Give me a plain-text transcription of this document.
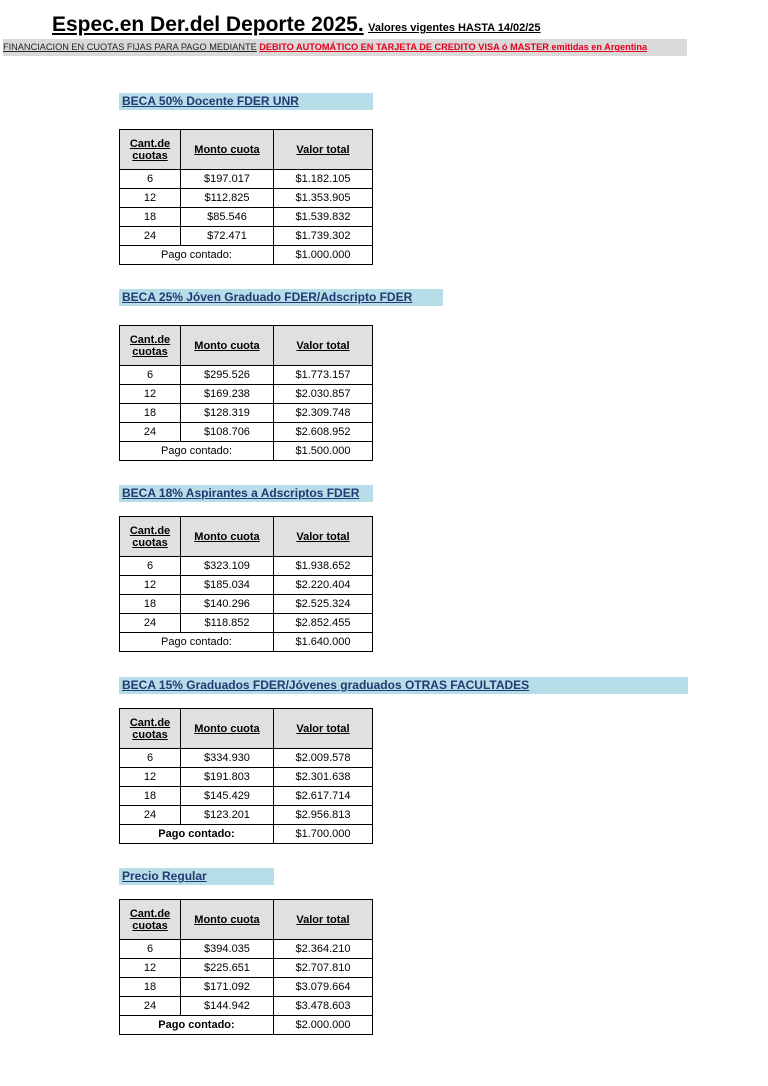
Espec.en Der.del Deporte 2025. Valores vigentes HASTA 14/02/25
FINANCIACION EN CUOTAS FIJAS PARA PAGO MEDIANTE DEBITO AUTOMÁTICO EN TARJETA DE CREDITO VISA ó MASTER emitidas en Argentina
BECA 50% Docente FDER UNR
Cant.de cuotas	Monto cuota	Valor total
6	$197.017	$1.182.105
12	$112.825	$1.353.905
18	$85.546	$1.539.832
24	$72.471	$1.739.302
Pago contado:		$1.000.000
BECA 25% Jóven Graduado FDER/Adscripto FDER
Cant.de cuotas	Monto cuota	Valor total
6	$295.526	$1.773.157
12	$169.238	$2.030.857
18	$128.319	$2.309.748
24	$108.706	$2.608.952
Pago contado:		$1.500.000
BECA 18% Aspirantes a Adscriptos FDER
Cant.de cuotas	Monto cuota	Valor total
6	$323.109	$1.938.652
12	$185.034	$2.220.404
18	$140.296	$2.525.324
24	$118.852	$2.852.455
Pago contado:		$1.640.000
BECA 15% Graduados FDER/Jóvenes graduados OTRAS FACULTADES
Cant.de cuotas	Monto cuota	Valor total
6	$334.930	$2.009.578
12	$191.803	$2.301.638
18	$145.429	$2.617.714
24	$123.201	$2.956.813
Pago contado:		$1.700.000
Precio Regular
Cant.de cuotas	Monto cuota	Valor total
6	$394.035	$2.364.210
12	$225.651	$2.707.810
18	$171.092	$3.079.664
24	$144.942	$3.478.603
Pago contado:		$2.000.000
